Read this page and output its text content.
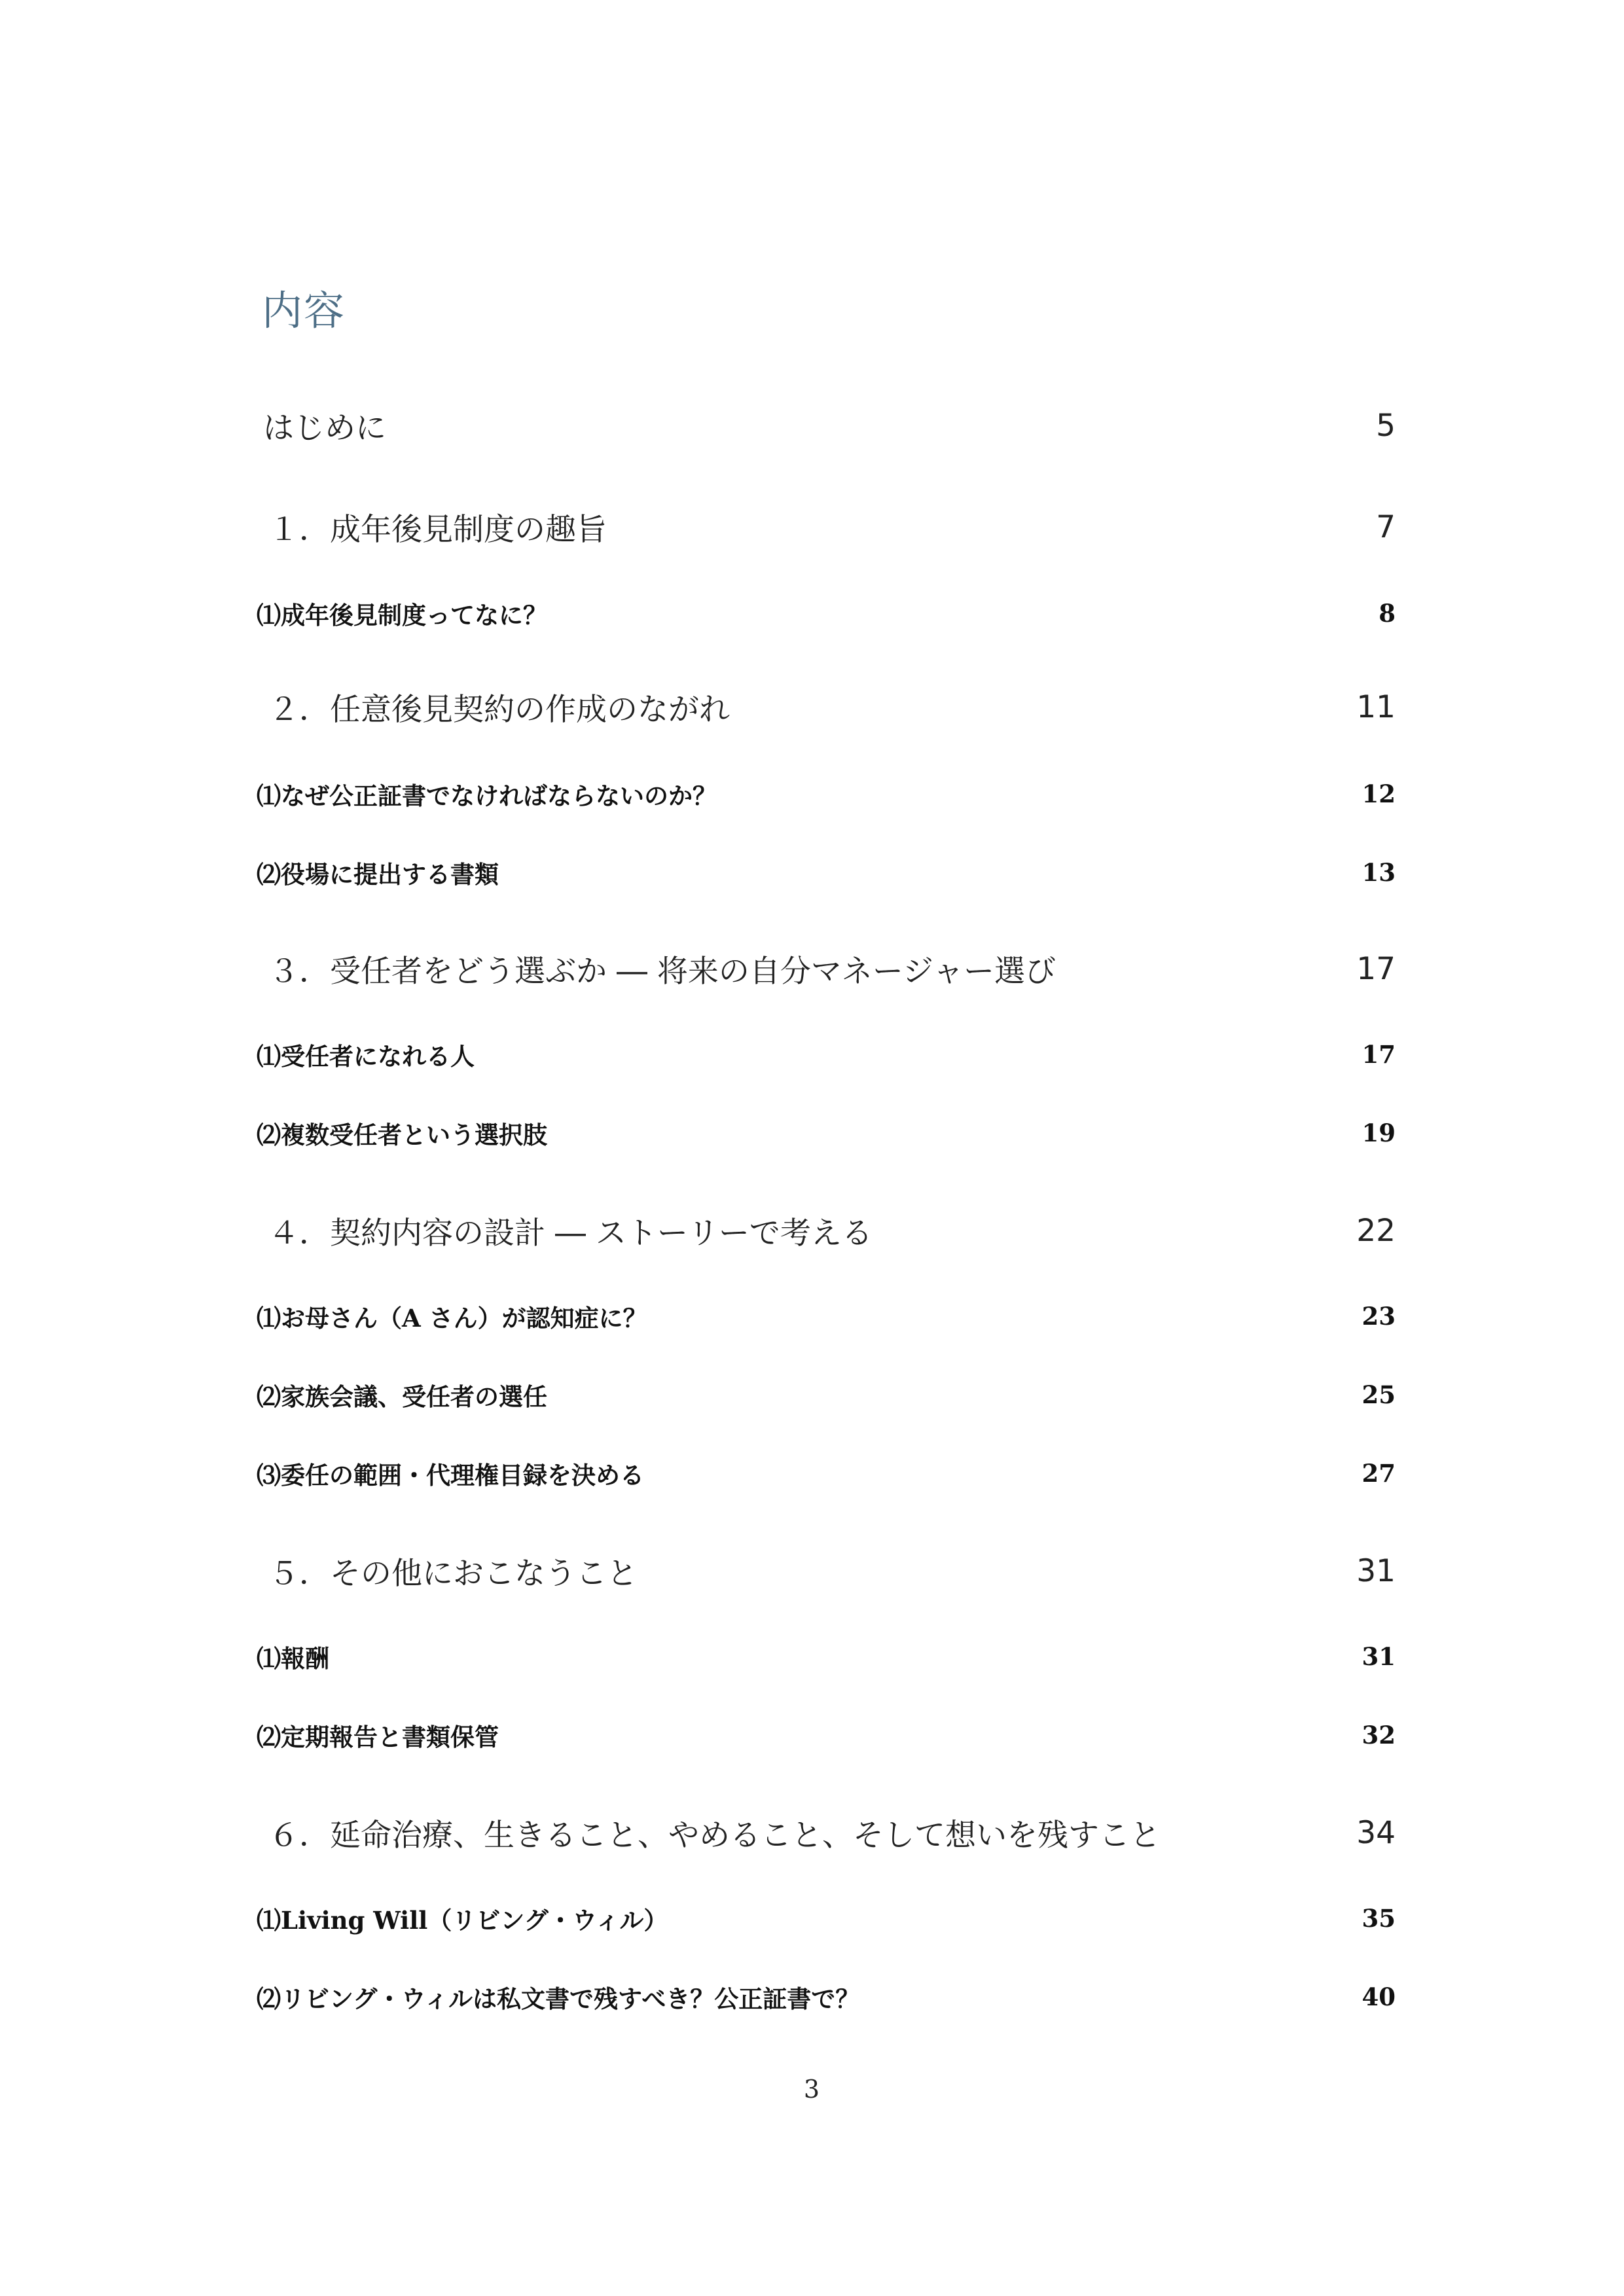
内容
はじめに	5
１．成年後見制度の趣旨	7
⑴成年後見制度ってなに？	8
２．任意後見契約の作成のながれ	11
⑴なぜ公正証書でなければならないのか？	12
⑵役場に提出する書類	13
３．受任者をどう選ぶか ― 将来の自分マネージャー選び	17
⑴受任者になれる人	17
⑵複数受任者という選択肢	19
４．契約内容の設計 ― ストーリーで考える	22
⑴お母さん（A さん）が認知症に？	23
⑵家族会議、受任者の選任	25
⑶委任の範囲・代理権目録を決める	27
５．その他におこなうこと	31
⑴報酬	31
⑵定期報告と書類保管	32
６．延命治療、生きること、やめること、そして想いを残すこと	34
⑴Living Will（リビング・ウィル）	35
⑵リビング・ウィルは私文書で残すべき？公正証書で？	40
3
